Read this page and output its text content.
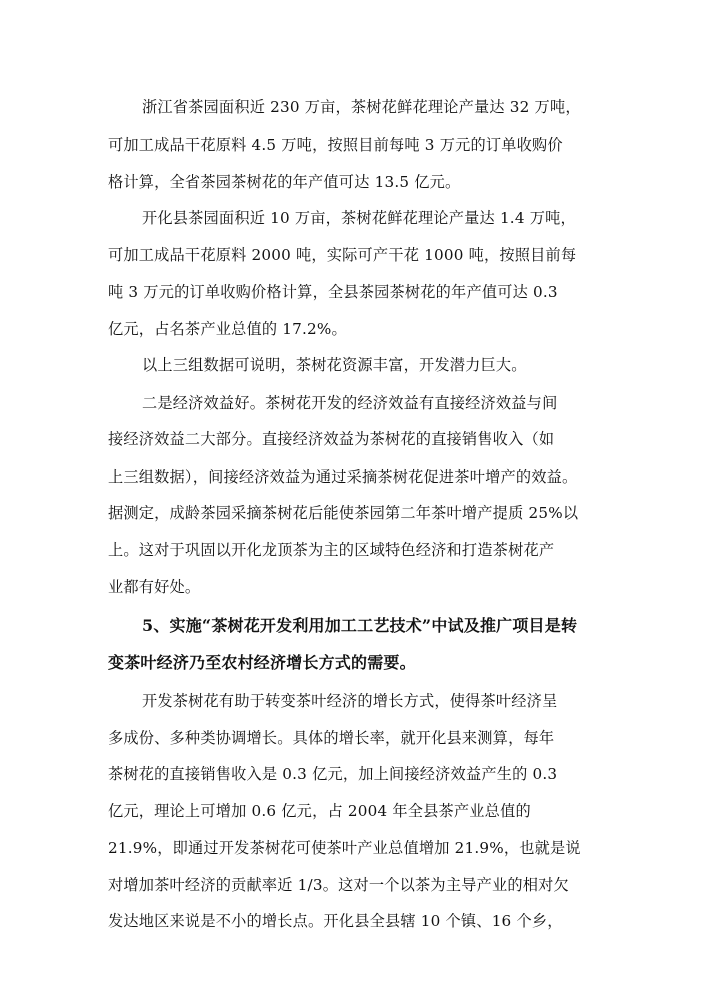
浙江省茶园面积近 230 万亩，茶树花鲜花理论产量达 32 万吨，
可加工成品干花原料 4.5 万吨，按照目前每吨 3 万元的订单收购价
格计算，全省茶园茶树花的年产值可达 13.5 亿元。
开化县茶园面积近 10 万亩，茶树花鲜花理论产量达 1.4 万吨，
可加工成品干花原料 2000 吨，实际可产干花 1000 吨，按照目前每
吨 3 万元的订单收购价格计算，全县茶园茶树花的年产值可达 0.3
亿元，占名茶产业总值的 17.2%。
以上三组数据可说明，茶树花资源丰富，开发潜力巨大。
二是经济效益好。茶树花开发的经济效益有直接经济效益与间
接经济效益二大部分。直接经济效益为茶树花的直接销售收入（如
上三组数据），间接经济效益为通过采摘茶树花促进茶叶增产的效益。
据测定，成龄茶园采摘茶树花后能使茶园第二年茶叶增产提质 25%以
上。这对于巩固以开化龙顶茶为主的区域特色经济和打造茶树花产
业都有好处。
5、实施“茶树花开发利用加工工艺技术”中试及推广项目是转
变茶叶经济乃至农村经济增长方式的需要。
开发茶树花有助于转变茶叶经济的增长方式，使得茶叶经济呈
多成份、多种类协调增长。具体的增长率，就开化县来测算，每年
茶树花的直接销售收入是 0.3 亿元，加上间接经济效益产生的 0.3
亿元，理论上可增加 0.6 亿元，占 2004 年全县茶产业总值的
21.9%，即通过开发茶树花可使茶叶产业总值增加 21.9%，也就是说
对增加茶叶经济的贡献率近 1/3。这对一个以茶为主导产业的相对欠
发达地区来说是不小的增长点。开化县全县辖 10 个镇、16 个乡，
